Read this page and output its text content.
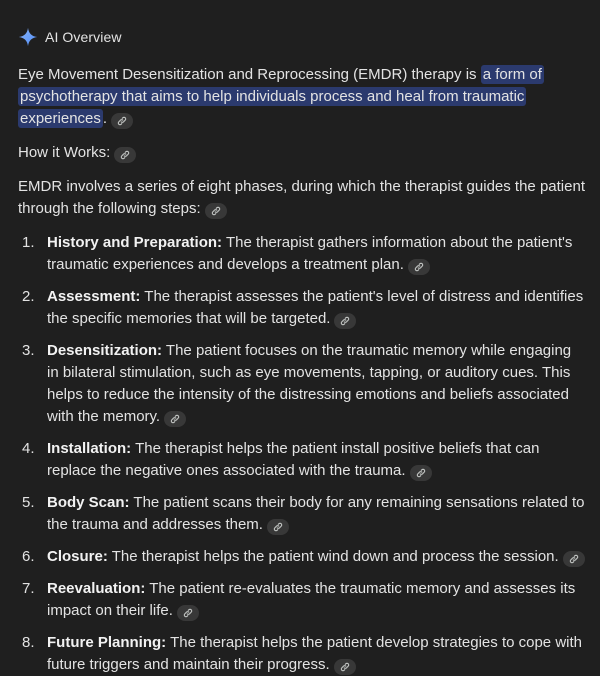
AI Overview

Eye Movement Desensitization and Reprocessing (EMDR) therapy is a form of psychotherapy that aims to help individuals process and heal from traumatic experiences .

How it Works:

EMDR involves a series of eight phases, during which the therapist guides the patient through the following steps:

1. History and Preparation: The therapist gathers information about the patient's traumatic experiences and develops a treatment plan.
2. Assessment: The therapist assesses the patient's level of distress and identifies the specific memories that will be targeted.
3. Desensitization: The patient focuses on the traumatic memory while engaging in bilateral stimulation, such as eye movements, tapping, or auditory cues. This helps to reduce the intensity of the distressing emotions and beliefs associated with the memory.
4. Installation: The therapist helps the patient install positive beliefs that can replace the negative ones associated with the trauma.
5. Body Scan: The patient scans their body for any remaining sensations related to the trauma and addresses them.
6. Closure: The therapist helps the patient wind down and process the session.
7. Reevaluation: The patient re-evaluates the traumatic memory and assesses its impact on their life.
8. Future Planning: The therapist helps the patient develop strategies to cope with future triggers and maintain their progress.
